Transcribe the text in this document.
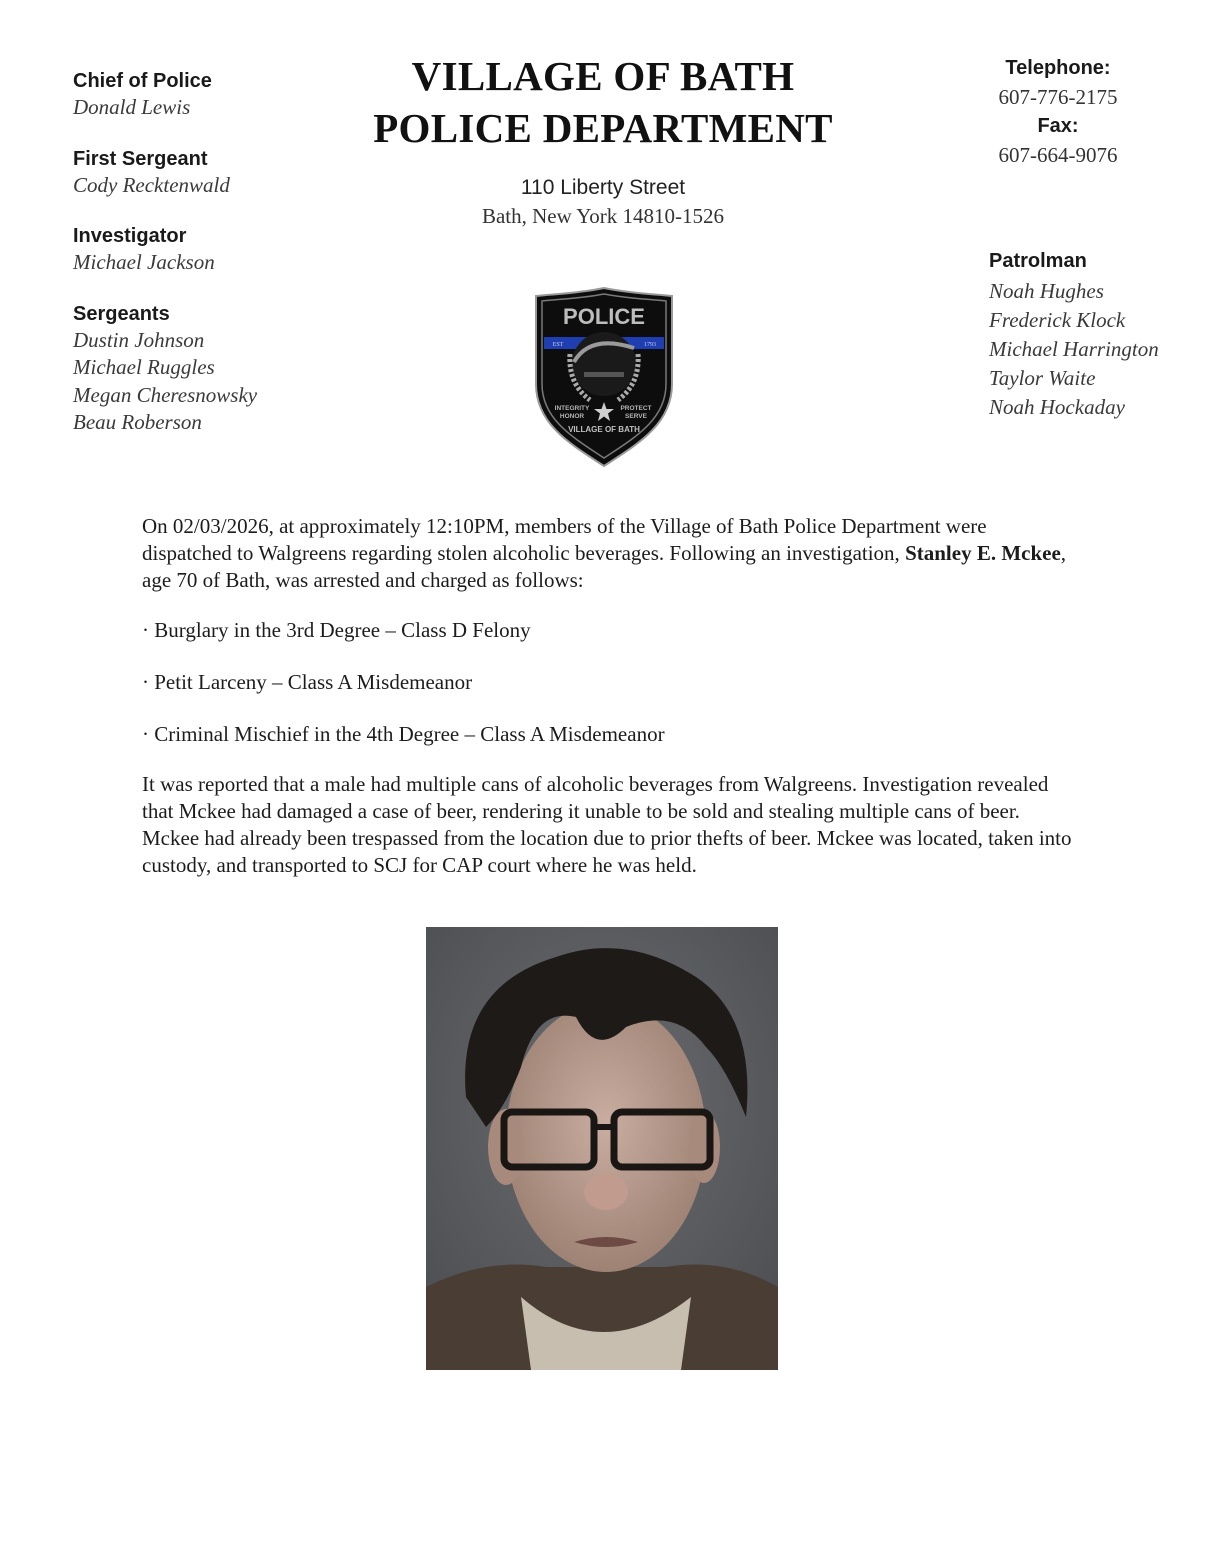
Chief of Police
Donald Lewis
First Sergeant
Cody Recktenwald
Investigator
Michael Jackson
Sergeants
Dustin Johnson
Michael Ruggles
Megan Cheresnowsky
Beau Roberson
VILLAGE OF BATH
POLICE DEPARTMENT
110 Liberty Street
Bath, New York 14810-1526
Telephone:
607-776-2175
Fax:
607-664-9076
Patrolman
Noah Hughes
Frederick Klock
Michael Harrington
Taylor Waite
Noah Hockaday
POLICE
EST	1793
INTEGRITY
HONOR
PROTECT
SERVE
VILLAGE OF BATH
On 02/03/2026, at approximately 12:10PM, members of the Village of Bath Police Department were dispatched to Walgreens regarding stolen alcoholic beverages. Following an investigation, Stanley E. Mckee, age 70 of Bath, was arrested and charged as follows:
· Burglary in the 3rd Degree – Class D Felony
· Petit Larceny – Class A Misdemeanor
· Criminal Mischief in the 4th Degree – Class A Misdemeanor
It was reported that a male had multiple cans of alcoholic beverages from Walgreens. Investigation revealed that Mckee had damaged a case of beer, rendering it unable to be sold and stealing multiple cans of beer. Mckee had already been trespassed from the location due to prior thefts of beer. Mckee was located, taken into custody, and transported to SCJ for CAP court where he was held.
